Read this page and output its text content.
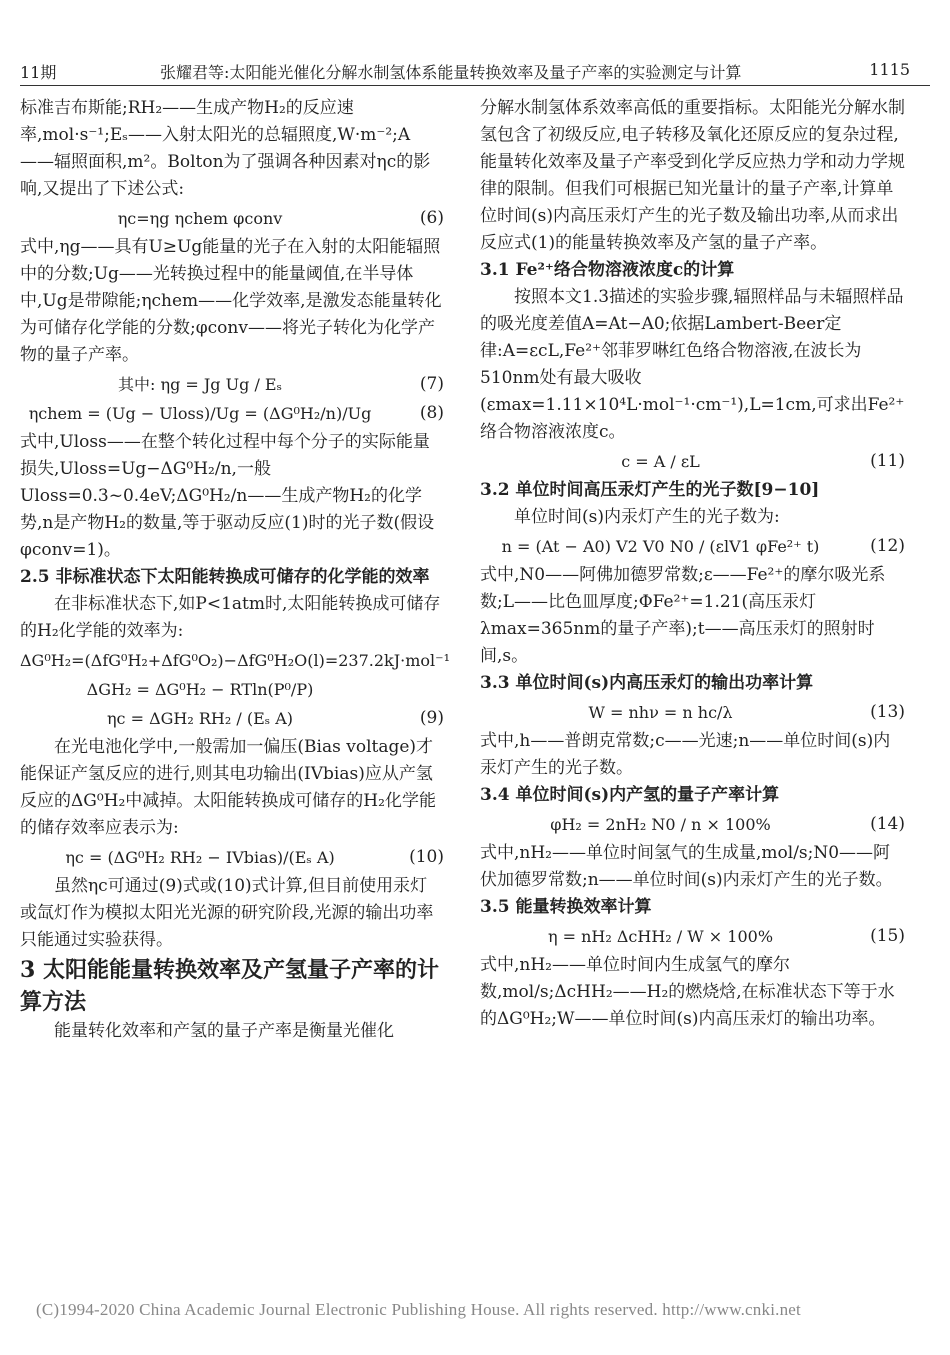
11期	张耀君等:太阳能光催化分解水制氢体系能量转换效率及量子产率的实验测定与计算	1115

标准吉布斯能;RH₂——生成产物H₂的反应速率,mol·s⁻¹;Eₛ——入射太阳光的总辐照度,W·m⁻²;A——辐照面积,m²。Bolton为了强调各种因素对ηc的影响,又提出了下述公式:

ηc=ηg ηchem φconv	(6)

式中,ηg——具有U≥Ug能量的光子在入射的太阳能辐照中的分数;Ug——光转换过程中的能量阈值,在半导体中,Ug是带隙能;ηchem——化学效率,是激发态能量转化为可储存化学能的分数;φconv——将光子转化为化学产物的量子产率。

其中: ηg = Jg Ug / Eₛ	(7)
ηchem = (Ug − Uloss)/Ug = (ΔG⁰H₂/n)/Ug	(8)

式中,Uloss——在整个转化过程中每个分子的实际能量损失,Uloss=Ug−ΔG⁰H₂/n,一般Uloss=0.3~0.4eV;ΔG⁰H₂/n——生成产物H₂的化学势,n是产物H₂的数量,等于驱动反应(1)时的光子数(假设φconv=1)。

2.5 非标准状态下太阳能转换成可储存的化学能的效率

在非标准状态下,如P<1atm时,太阳能转换成可储存的H₂化学能的效率为:

ΔG⁰H₂=(ΔfG⁰H₂+ΔfG⁰O₂)−ΔfG⁰H₂O(l)=237.2kJ·mol⁻¹
ΔGH₂ = ΔG⁰H₂ − RTln(P⁰/P)
ηc = ΔGH₂ RH₂ / (Eₛ A)	(9)

在光电池化学中,一般需加一偏压(Bias voltage)才能保证产氢反应的进行,则其电功输出(IVbias)应从产氢反应的ΔG⁰H₂中减掉。太阳能转换成可储存的H₂化学能的储存效率应表示为:

ηc = (ΔG⁰H₂ RH₂ − IVbias)/(Eₛ A)	(10)

虽然ηc可通过(9)式或(10)式计算,但目前使用汞灯或氙灯作为模拟太阳光光源的研究阶段,光源的输出功率只能通过实验获得。

3 太阳能能量转换效率及产氢量子产率的计算方法

能量转化效率和产氢的量子产率是衡量光催化

分解水制氢体系效率高低的重要指标。太阳能光分解水制氢包含了初级反应,电子转移及氧化还原反应的复杂过程,能量转化效率及量子产率受到化学反应热力学和动力学规律的限制。但我们可根据已知光量计的量子产率,计算单位时间(s)内高压汞灯产生的光子数及输出功率,从而求出反应式(1)的能量转换效率及产氢的量子产率。

3.1 Fe²⁺络合物溶液浓度c的计算

按照本文1.3描述的实验步骤,辐照样品与未辐照样品的吸光度差值A=At−A0;依据Lambert-Beer定律:A=εcL,Fe²⁺邻菲罗啉红色络合物溶液,在波长为510nm处有最大吸收(εmax=1.11×10⁴L·mol⁻¹·cm⁻¹),L=1cm,可求出Fe²⁺络合物溶液浓度c。

c = A / εL	(11)

3.2 单位时间高压汞灯产生的光子数[9−10]

单位时间(s)内汞灯产生的光子数为:

n = (At − A0) V2 V0 N0 / (εlV1 φFe²⁺ t)	(12)

式中,N0——阿佛加德罗常数;ε——Fe²⁺的摩尔吸光系数;L——比色皿厚度;ΦFe²⁺=1.21(高压汞灯λmax=365nm的量子产率);t——高压汞灯的照射时间,s。

3.3 单位时间(s)内高压汞灯的输出功率计算

W = nhν = n hc/λ	(13)

式中,h——普朗克常数;c——光速;n——单位时间(s)内汞灯产生的光子数。

3.4 单位时间(s)内产氢的量子产率计算

φH₂ = 2nH₂ N0 / n × 100%	(14)

式中,nH₂——单位时间氢气的生成量,mol/s;N0——阿伏加德罗常数;n——单位时间(s)内汞灯产生的光子数。

3.5 能量转换效率计算

η = nH₂ ΔcHH₂ / W × 100%	(15)

式中,nH₂——单位时间内生成氢气的摩尔数,mol/s;ΔcHH₂——H₂的燃烧焓,在标准状态下等于水的ΔG⁰H₂;W——单位时间(s)内高压汞灯的输出功率。

(C)1994-2020 China Academic Journal Electronic Publishing House. All rights reserved. http://www.cnki.net
